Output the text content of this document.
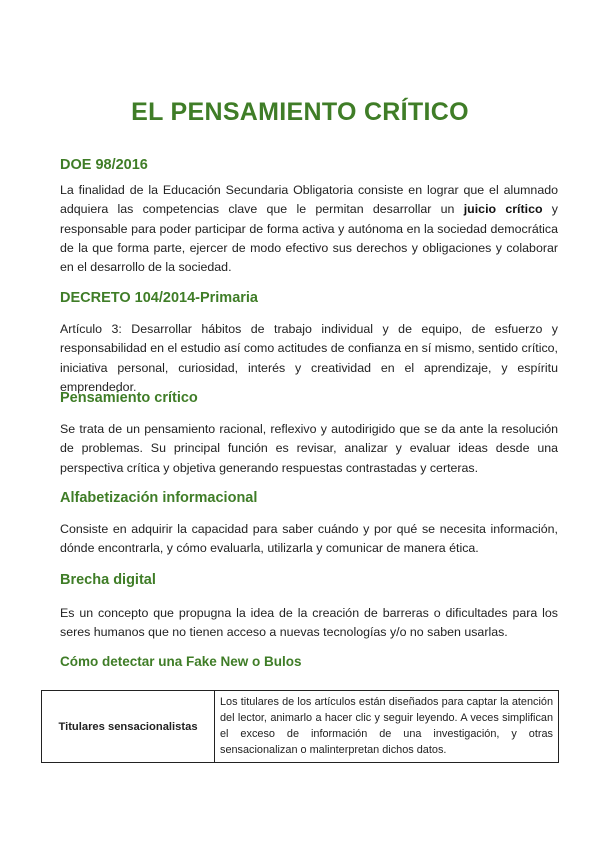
EL PENSAMIENTO CRÍTICO
DOE 98/2016
La finalidad de la Educación Secundaria Obligatoria consiste en lograr que el alumnado adquiera las competencias clave que le permitan desarrollar un juicio crítico y responsable para poder participar de forma activa y autónoma en la sociedad democrática de la que forma parte, ejercer de modo efectivo sus derechos y obligaciones y colaborar en el desarrollo de la sociedad.
DECRETO 104/2014-Primaria
Artículo 3: Desarrollar hábitos de trabajo individual y de equipo, de esfuerzo y responsabilidad en el estudio así como actitudes de confianza en sí mismo, sentido crítico, iniciativa personal, curiosidad, interés y creatividad en el aprendizaje, y espíritu emprendedor.
Pensamiento crítico
Se trata de un pensamiento racional, reflexivo y autodirigido que se da ante la resolución de problemas. Su principal función es revisar, analizar y evaluar ideas desde una perspectiva crítica y objetiva generando respuestas contrastadas y certeras.
Alfabetización informacional
Consiste en adquirir la capacidad para saber cuándo y por qué se necesita información, dónde encontrarla, y cómo evaluarla, utilizarla y comunicar de manera ética.
Brecha digital
Es un concepto que propugna la idea de la creación de barreras o dificultades para los seres humanos que no tienen acceso a nuevas tecnologías y/o no saben usarlas.
Cómo detectar una Fake New o Bulos
Titulares sensacionalistas	Los titulares de los artículos están diseñados para captar la atención del lector, animarlo a hacer clic y seguir leyendo. A veces simplifican el exceso de información de una investigación, y otras sensacionalizan o malinterpretan dichos datos.
